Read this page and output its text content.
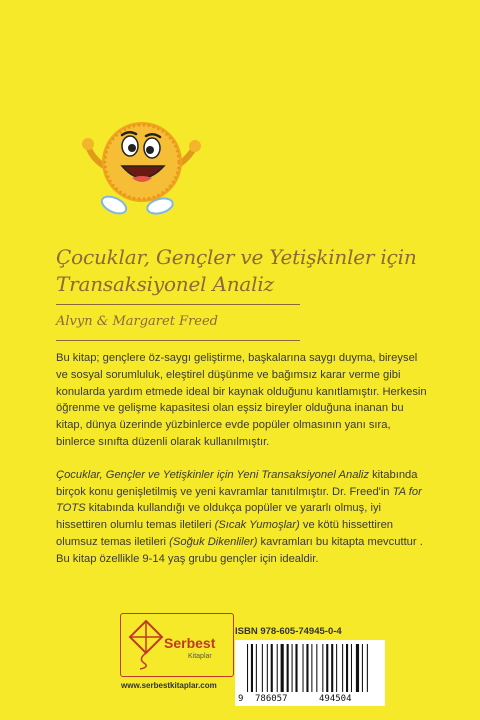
Çocuklar, Gençler ve Yetişkinler için
Transaksiyonel Analiz
Alvyn & Margaret Freed

Bu kitap; gençlere öz-saygı geliştirme, başkalarına saygı duyma, bireysel ve sosyal sorumluluk, eleştirel düşünme ve bağımsız karar verme gibi konularda yardım etmede ideal bir kaynak olduğunu kanıtlamıştır. Herkesin öğrenme ve gelişme kapasitesi olan eşsiz bireyler olduğuna inanan bu kitap, dünya üzerinde yüzbinlerce evde popüler olmasının yanı sıra, binlerce sınıfta düzenli olarak kullanılmıştır.

Çocuklar, Gençler ve Yetişkinler için Yeni Transaksiyonel Analiz kitabında birçok konu genişletilmiş ve yeni kavramlar tanıtılmıştır. Dr. Freed'in TA for TOTS kitabında kullandığı ve oldukça popüler ve yararlı olmuş, iyi hissettiren olumlu temas iletileri (Sıcak Yumoşlar) ve kötü hissettiren olumsuz temas iletileri (Soğuk Dikenliler) kavramları bu kitapta mevcuttur . Bu kitap özellikle 9-14 yaş grubu gençler için idealdir.

Serbest
Kitaplar
www.serbestkitaplar.com
ISBN 978-605-74945-0-4
9 786057	494504
